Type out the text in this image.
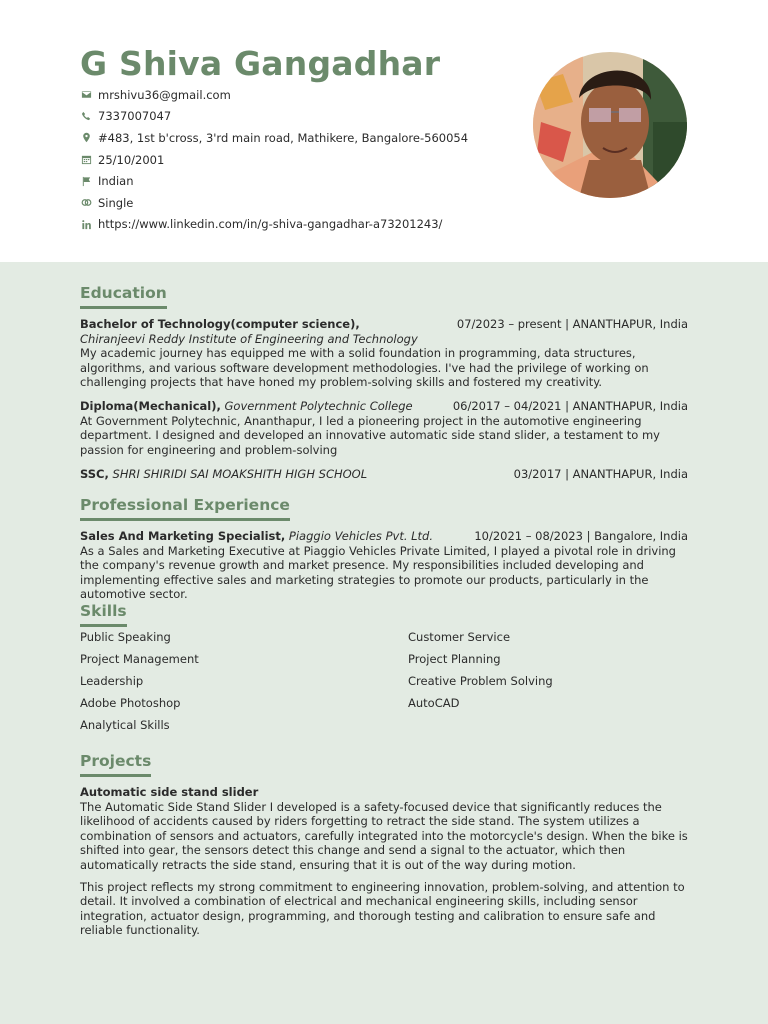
G Shiva Gangadhar
mrshivu36@gmail.com
7337007047
#483, 1st b'cross, 3'rd main road, Mathikere, Bangalore-560054
25/10/2001
Indian
Single
https://www.linkedin.com/in/g-shiva-gangadhar-a73201243/
Education
Bachelor of Technology(computer science),	07/2023 – present | ANANTHAPUR, India
Chiranjeevi Reddy Institute of Engineering and Technology

My academic journey has equipped me with a solid foundation in programming, data structures, algorithms, and various software development methodologies. I've had the privilege of working on challenging projects that have honed my problem-solving skills and fostered my creativity.

Diploma(Mechanical), Government Polytechnic College	06/2017 – 04/2021 | ANANTHAPUR, India

At Government Polytechnic, Ananthapur, I led a pioneering project in the automotive engineering department. I designed and developed an innovative automatic side stand slider, a testament to my passion for engineering and problem-solving

SSC, SHRI SHIRIDI SAI MOAKSHITH HIGH SCHOOL	03/2017 | ANANTHAPUR, India
Professional Experience
Sales And Marketing Specialist, Piaggio Vehicles Pvt. Ltd.	10/2021 – 08/2023 | Bangalore, India

As a Sales and Marketing Executive at Piaggio Vehicles Private Limited, I played a pivotal role in driving the company's revenue growth and market presence. My responsibilities included developing and implementing effective sales and marketing strategies to promote our products, particularly in the automotive sector.

Skills
Public Speaking	Customer Service
Project Management	Project Planning
Leadership	Creative Problem Solving
Adobe Photoshop	AutoCAD
Analytical Skills
Projects
Automatic side stand slider

The Automatic Side Stand Slider I developed is a safety-focused device that significantly reduces the likelihood of accidents caused by riders forgetting to retract the side stand. The system utilizes a combination of sensors and actuators, carefully integrated into the motorcycle's design. When the bike is shifted into gear, the sensors detect this change and send a signal to the actuator, which then automatically retracts the side stand, ensuring that it is out of the way during motion.

This project reflects my strong commitment to engineering innovation, problem-solving, and attention to detail. It involved a combination of electrical and mechanical engineering skills, including sensor integration, actuator design, programming, and thorough testing and calibration to ensure safe and reliable functionality.
